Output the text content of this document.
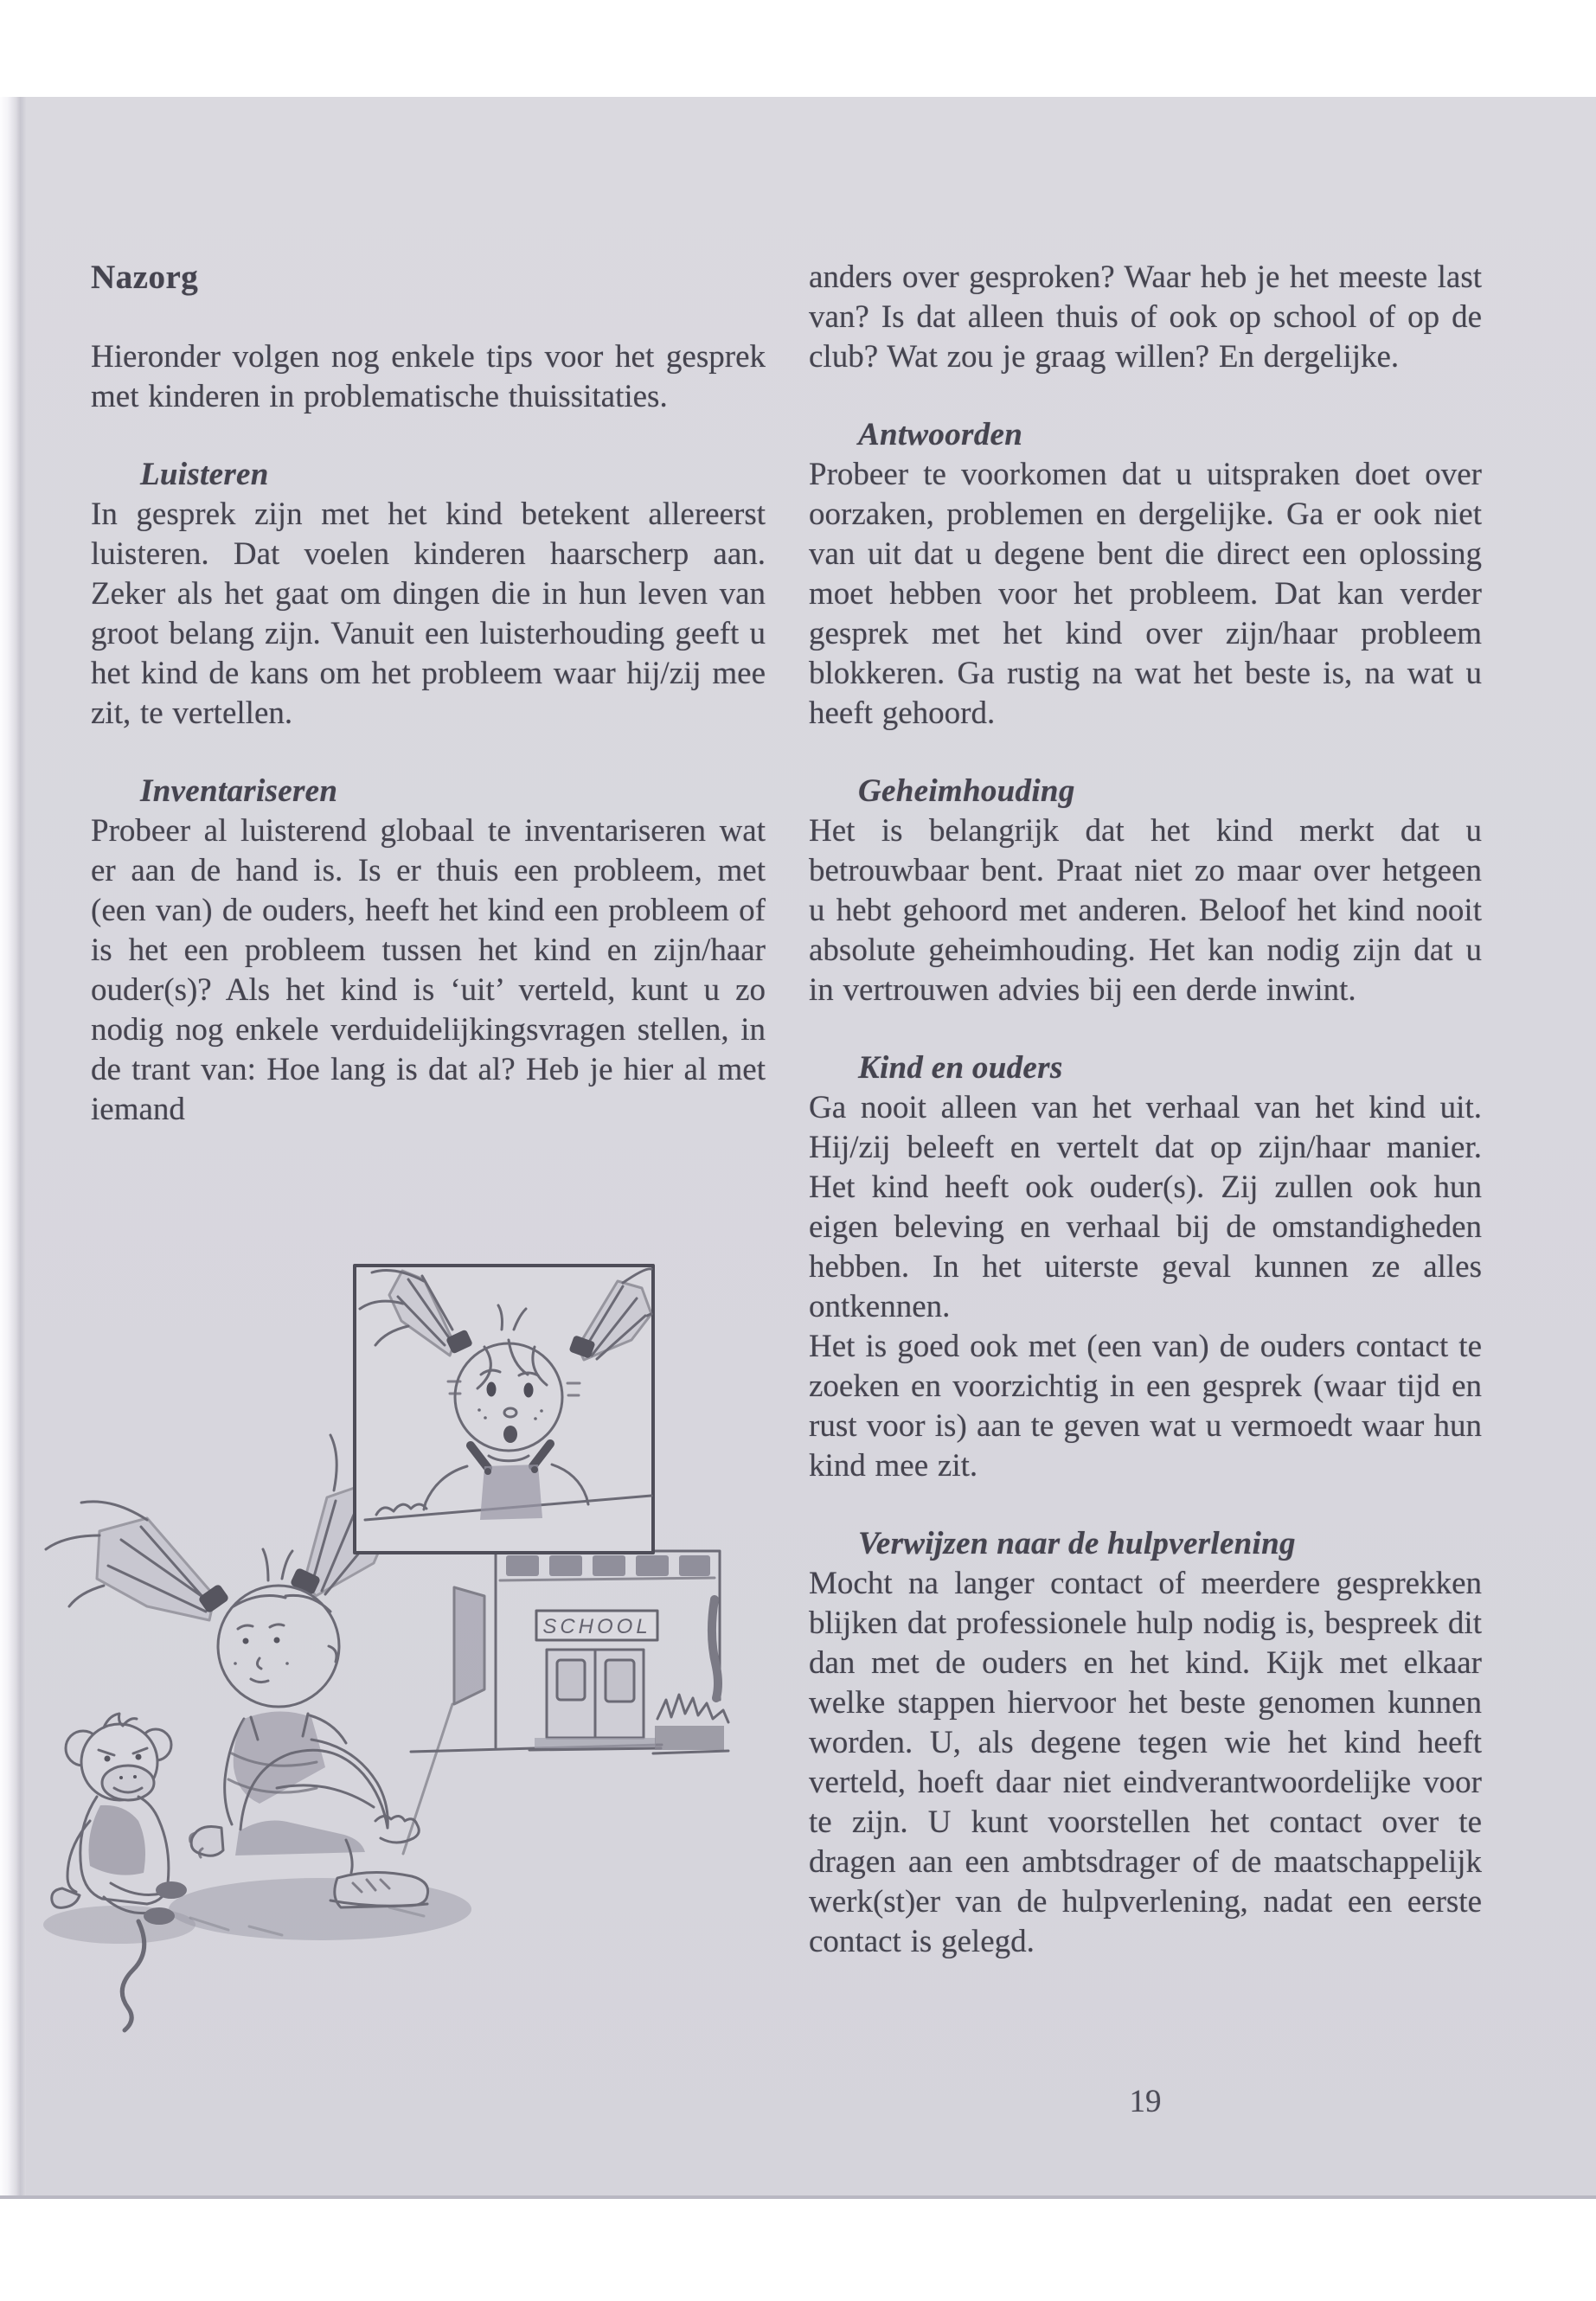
Nazorg

Hieronder volgen nog enkele tips voor het gesprek met kinderen in problematische thuissitaties.

Luisteren

In gesprek zijn met het kind betekent allereerst luisteren. Dat voelen kinderen haarscherp aan. Zeker als het gaat om dingen die in hun leven van groot belang zijn. Vanuit een luisterhouding geeft u het kind de kans om het probleem waar hij/zij mee zit, te vertellen.

Inventariseren

Probeer al luisterend globaal te inventariseren wat er aan de hand is. Is er thuis een probleem, met (een van) de ouders, heeft het kind een probleem of is het een probleem tussen het kind en zijn/haar ouder(s)? Als het kind is ‘uit’ verteld, kunt u zo nodig nog enkele verduidelijkingsvragen stellen, in de trant van: Hoe lang is dat al? Heb je hier al met iemand

anders over gesproken? Waar heb je het meeste last van? Is dat alleen thuis of ook op school of op de club? Wat zou je graag willen? En dergelijke.

Antwoorden

Probeer te voorkomen dat u uitspraken doet over oorzaken, problemen en dergelijke. Ga er ook niet van uit dat u degene bent die direct een oplossing moet hebben voor het probleem. Dat kan verder gesprek met het kind over zijn/haar probleem blokkeren. Ga rustig na wat het beste is, na wat u heeft gehoord.

Geheimhouding

Het is belangrijk dat het kind merkt dat u betrouwbaar bent. Praat niet zo maar over hetgeen u hebt gehoord met anderen. Beloof het kind nooit absolute geheimhouding. Het kan nodig zijn dat u in vertrouwen advies bij een derde inwint.

Kind en ouders

Ga nooit alleen van het verhaal van het kind uit. Hij/zij beleeft en vertelt dat op zijn/haar manier. Het kind heeft ook ouder(s). Zij zullen ook hun eigen beleving en verhaal bij de omstandigheden hebben. In het uiterste geval kunnen ze alles ontkennen.

Het is goed ook met (een van) de ouders contact te zoeken en voorzichtig in een gesprek (waar tijd en rust voor is) aan te geven wat u vermoedt waar hun kind mee zit.

Verwijzen naar de hulpverlening

Mocht na langer contact of meerdere gesprekken blijken dat professionele hulp nodig is, bespreek dit dan met de ouders en het kind. Kijk met elkaar welke stappen hiervoor het beste genomen kunnen worden. U, als degene tegen wie het kind heeft verteld, hoeft daar niet eindverantwoordelijke voor te zijn. U kunt voorstellen het contact over te dragen aan een ambtsdrager of de maatschappelijk werk(st)er van de hulpverlening, nadat een eerste contact is gelegd.

SCHOOL
19
